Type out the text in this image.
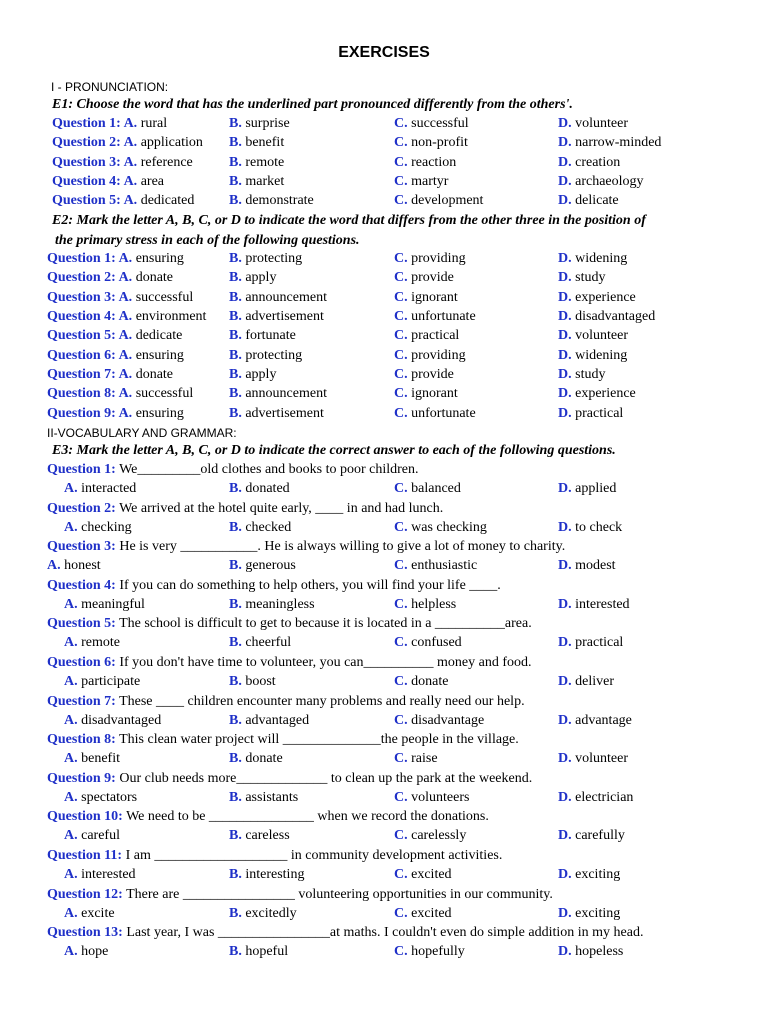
EXERCISES
I - PRONUNCIATION:
E1: Choose the word that has the underlined part pronounced differently from the others'.
Question 1: A. rural	B. surprise	C. successful	D. volunteer
Question 2: A. application B. benefit	C. non-profit	D. narrow-minded
Question 3: A. reference	B. remote	C. reaction	D. creation
Question 4: A. area	B. market	C. martyr	D. archaeology
Question 5: A. dedicated B. demonstrate	C. development	D. delicate
E2: Mark the letter A, B, C, or D to indicate the word that differs from the other three in the position of
the primary stress in each of the following questions.
Question 1: A. ensuring	B. protecting	C. providing	D. widening
Question 2: A. donate	B. apply	C. provide	D. study
Question 3: A. successful	B. announcement	C. ignorant	D. experience
Question 4: A. environment B. advertisement	C. unfortunate	D. disadvantaged
Question 5: A. dedicate	B. fortunate	C. practical	D. volunteer
Question 6: A. ensuring	B. protecting	C. providing	D. widening
Question 7: A. donate	B. apply	C. provide	D. study
Question 8: A. successful	B. announcement	C. ignorant	D. experience
Question 9: A. ensuring	B. advertisement	C. unfortunate	D. practical
II-VOCABULARY AND GRAMMAR:
E3: Mark the letter A, B, C, or D to indicate the correct answer to each of the following questions.
Question 1: We_________old clothes and books to poor children.
A. interacted	B. donated	C. balanced	D. applied
Question 2: We arrived at the hotel quite early, ____ in and had lunch.
A. checking	B. checked	C. was checking	D. to check
Question 3: He is very ___________. He is always willing to give a lot of money to charity.
A. honest	B. generous	C. enthusiastic	D. modest
Question 4: If you can do something to help others, you will find your life ____.
A. meaningful	B. meaningless	C. helpless	D. interested
Question 5: The school is difficult to get to because it is located in a __________area.
A. remote	B. cheerful	C. confused	D. practical
Question 6: If you don't have time to volunteer, you can__________ money and food.
A. participate	B. boost	C. donate	D. deliver
Question 7: These ____ children encounter many problems and really need our help.
A. disadvantaged	B. advantaged	C. disadvantage	D. advantage
Question 8: This clean water project will ______________the people in the village.
A. benefit	B. donate	C. raise	D. volunteer
Question 9: Our club needs more_____________ to clean up the park at the weekend.
A. spectators	B. assistants	C. volunteers	D. electrician
Question 10: We need to be _______________ when we record the donations.
A. careful	B. careless	C. carelessly	D. carefully
Question 11: I am ___________________ in community development activities.
A. interested	B. interesting	C. excited	D. exciting
Question 12: There are ________________ volunteering opportunities in our community.
A. excite	B. excitedly	C. excited	D. exciting
Question 13: Last year, I was ________________at maths. I couldn't even do simple addition in my head.
A. hope	B. hopeful	C. hopefully	D. hopeless
